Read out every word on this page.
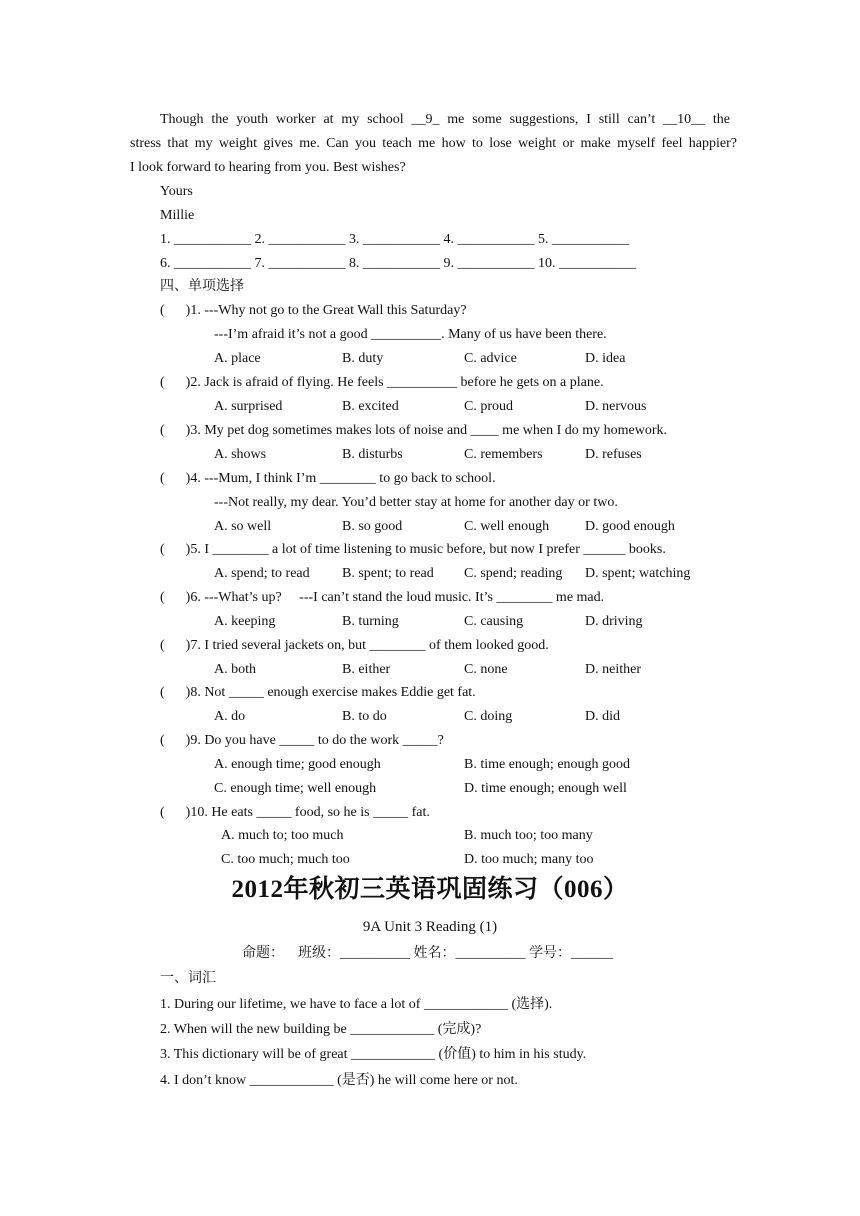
Though the youth worker at my school __9_ me some suggestions, I still can’t __10__ the
stress that my weight gives me. Can you teach me how to lose weight or make myself feel happier?
I look forward to hearing from you. Best wishes?
Yours
Millie
1. ___________ 2. ___________ 3. ___________ 4. ___________ 5. ___________
6. ___________ 7. ___________ 8. ___________ 9. ___________ 10. ___________
四、单项选择
(      )1. ---Why not go to the Great Wall this Saturday?
---I’m afraid it’s not a good __________. Many of us have been there.
A. place	B. duty	C. advice	D. idea
(      )2. Jack is afraid of flying. He feels __________ before he gets on a plane.
A. surprised	B. excited	C. proud	D. nervous
(      )3. My pet dog sometimes makes lots of noise and ____ me when I do my homework.
A. shows	B. disturbs	C. remembers	D. refuses
(      )4. ---Mum, I think I’m ________ to go back to school.
---Not really, my dear. You’d better stay at home for another day or two.
A. so well	B. so good	C. well enough	D. good enough
(      )5. I ________ a lot of time listening to music before, but now I prefer ______ books.
A. spend; to read B. spent; to read C. spend; reading D. spent; watching
(      )6. ---What’s up?     ---I can’t stand the loud music. It’s ________ me mad.
A. keeping	B. turning	C. causing	D. driving
(      )7. I tried several jackets on, but ________ of them looked good.
A. both	B. either	C. none	D. neither
(      )8. Not _____ enough exercise makes Eddie get fat.
A. do	B. to do	C. doing	D. did
(      )9. Do you have _____ to do the work _____?
A. enough time; good enough	B. time enough; enough good
C. enough time; well enough	D. time enough; enough well
(      )10. He eats _____ food, so he is _____ fat.
A. much to; too much	B. much too; too many
C. too much; much too	D. too much; many too
2012年秋初三英语巩固练习（006）
9A Unit 3 Reading (1)
命题：    班级：__________ 姓名：__________ 学号：______
一、词汇
1. During our lifetime, we have to face a lot of ____________ (选择).
2. When will the new building be ____________ (完成)?
3. This dictionary will be of great ____________ (价值) to him in his study.
4. I don’t know ____________ (是否) he will come here or not.
